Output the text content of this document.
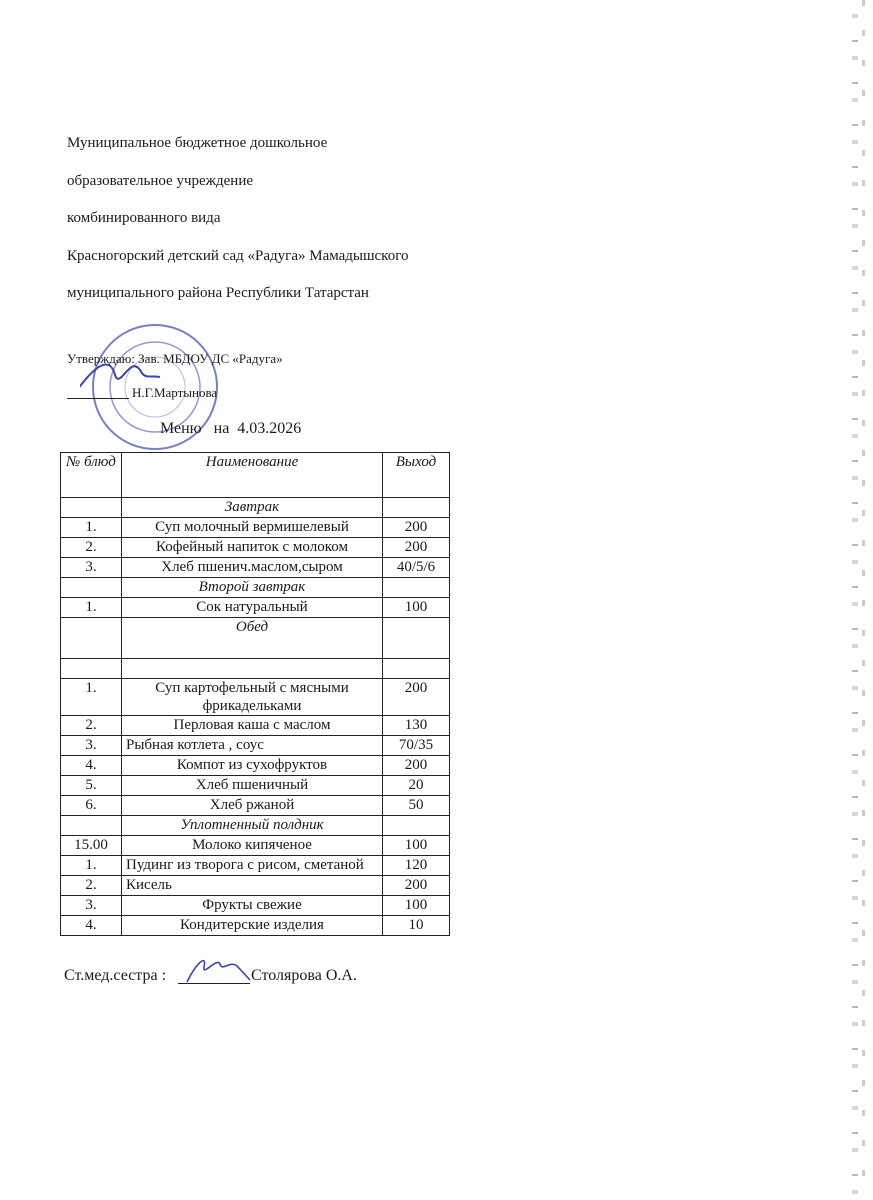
Муниципальное бюджетное дошкольное
образовательное учреждение
комбинированного вида
Красногорский детский сад «Радуга» Мамадышского
муниципального района Республики Татарстан
Утверждаю: Зав. МБДОУ ДС «Радуга»
Н.Г.Мартынова
Меню   на  4.03.2026
№ блюд	Наименование	Выход
	Завтрак	
1.	Суп молочный вермишелевый	200
2.	Кофейный напиток с молоком	200
3.	Хлеб пшенич.маслом,сыром	40/5/6
	Второй завтрак	
1.	Сок натуральный	100
	Обед	

1.	Суп картофельный с мясными фрикадельками	200
2.	Перловая каша с маслом	130
3.	Рыбная котлета , соус	70/35
4.	Компот из сухофруктов	200
5.	Хлеб пшеничный	20
6.	Хлеб ржаной	50
	Уплотненный полдник	
15.00	Молоко кипяченое	100
1.	Пудинг из творога с рисом, сметаной	120
2.	Кисель	200
3.	Фрукты свежие	100
4.	Кондитерские изделия	10
Ст.мед.сестра :	Столярова О.А.
